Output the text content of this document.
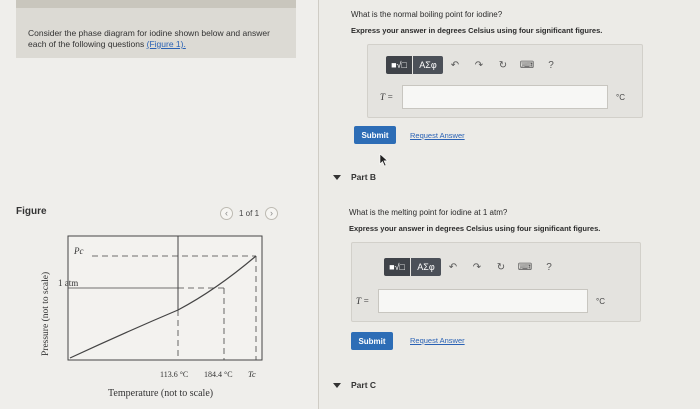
Consider the phase diagram for iodine shown below and answer each of the following questions (Figure 1).
Figure	‹	1 of 1	›
Pressure (not to scale)
Pc
1 atm
113.6 °C 184.4 °C Tc
Temperature (not to scale)
What is the normal boiling point for iodine?
Express your answer in degrees Celsius using four significant figures.
■√□	ΑΣφ	↶	↷	↻	⌨	?
T =	°C
Submit	Request Answer
Part B
What is the melting point for iodine at 1 atm?
Express your answer in degrees Celsius using four significant figures.
■√□	ΑΣφ	↶	↷	↻	⌨	?
T =	°C
Submit	Request Answer
Part C
